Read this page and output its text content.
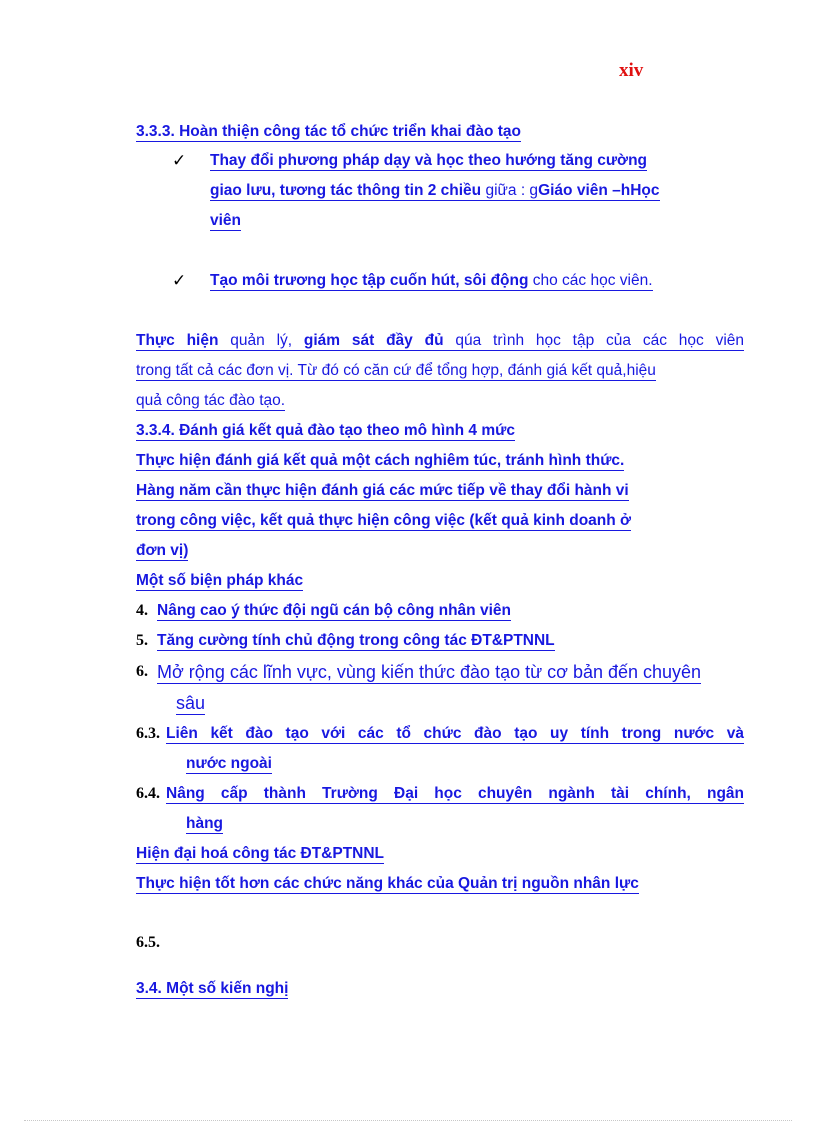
xiv
3.3.3. Hoàn thiện công tác tổ chức triển khai đào tạo
✓ Thay đổi phương pháp dạy và học theo hướng tăng cường
giao lưu, tương tác thông tin 2 chiều giữa : gGiáo viên –hHọc
viên
✓ Tạo môi trương học tập cuốn hút, sôi động cho các học viên.
Thực hiện quản lý, giám sát đầy đủ qúa trình học tập của các học viên
trong tất cả các đơn vị. Từ đó có căn cứ để tổng hợp, đánh giá kết quả,hiệu
quả công tác đào tạo.
3.3.4. Đánh giá kết quả đào tạo theo mô hình 4 mức
Thực hiện đánh giá kết quả một cách nghiêm túc, tránh hình thức.
Hàng năm cần thực hiện đánh giá các mức tiếp về thay đổi hành vi
trong công việc, kết quả thực hiện công việc (kết quả kinh doanh ở
đơn vị)
Một số biện pháp khác
4. Nâng cao ý thức đội ngũ cán bộ công nhân viên
5. Tăng cường tính chủ động trong công tác ĐT&PTNNL
6. Mở rộng các lĩnh vực, vùng kiến thức đào tạo từ cơ bản đến chuyên
sâu
6.3. Liên kết đào tạo với các tổ chức đào tạo uy tính trong nước và
nước ngoài
6.4. Nâng cấp thành Trường Đại học chuyên ngành tài chính, ngân
hàng
Hiện đại hoá công tác ĐT&PTNNL
Thực hiện tốt hơn các chức năng khác của Quản trị nguồn nhân lực
6.5.
3.4. Một số kiến nghị
